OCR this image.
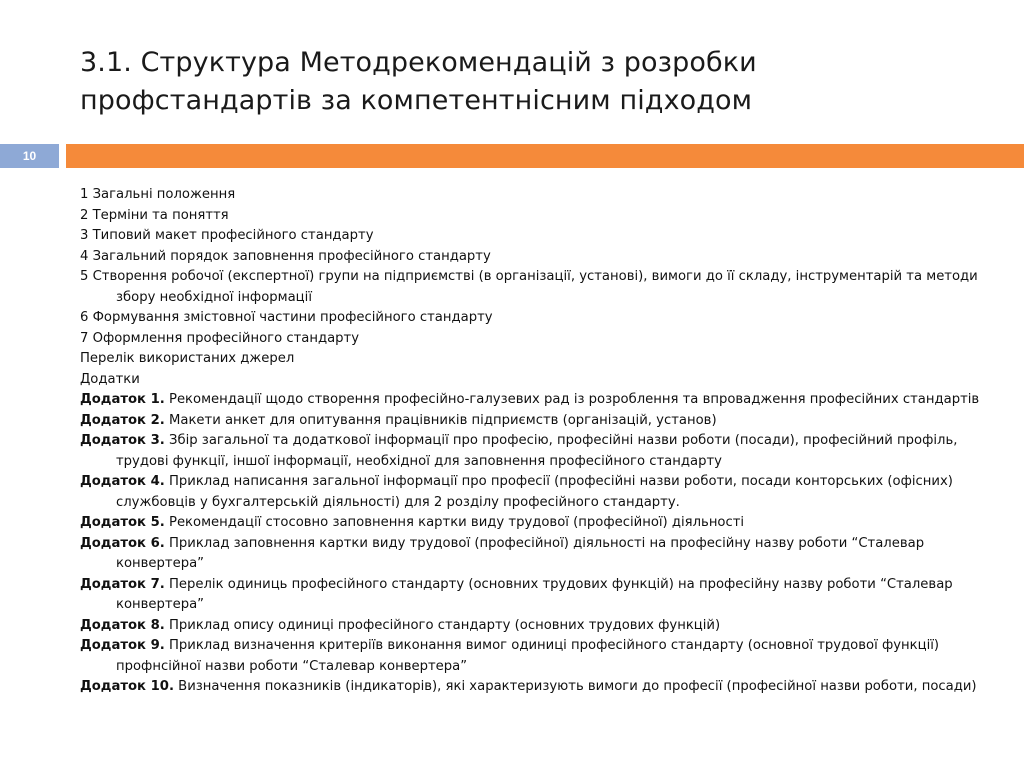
3.1. Структура Методрекомендацій з розробки
профстандартів за компетентнісним підходом
10
1 Загальні положення
2 Терміни та поняття
3 Типовий макет професійного стандарту
4 Загальний порядок заповнення професійного стандарту
5 Створення робочої (експертної) групи на підприємстві (в організації, установі), вимоги до її складу, інструментарій та методи збору необхідної інформації
6 Формування змістовної частини професійного стандарту
7 Оформлення професійного стандарту
Перелік використаних джерел
Додатки
Додаток 1. Рекомендації щодо створення професійно-галузевих рад із розроблення та впровадження професійних стандартів
Додаток 2. Макети анкет для опитування працівників підприємств (організацій, установ)
Додаток 3. Збір загальної та додаткової інформації про професію, професійні назви роботи (посади), професійний профіль, трудові функції, іншої інформації, необхідної для заповнення професійного стандарту
Додаток 4. Приклад написання загальної інформації про професії (професійні назви роботи, посади конторських (офісних) службовців у бухгалтерській діяльності) для 2 розділу професійного стандарту.
Додаток 5. Рекомендації стосовно заповнення картки виду трудової (професійної) діяльності
Додаток 6. Приклад заповнення картки виду трудової (професійної) діяльності на професійну назву роботи “Сталевар конвертера”
Додаток 7. Перелік одиниць професійного стандарту (основних трудових функцій) на професійну назву роботи “Сталевар конвертера”
Додаток 8. Приклад опису одиниці професійного стандарту (основних трудових функцій)
Додаток 9. Приклад визначення критеріїв виконання вимог одиниці професійного стандарту (основної трудової функції) профнсійної назви роботи “Сталевар конвертера”
Додаток 10. Визначення показників (індикаторів), які характеризують вимоги до професії (професійної назви роботи, посади)
